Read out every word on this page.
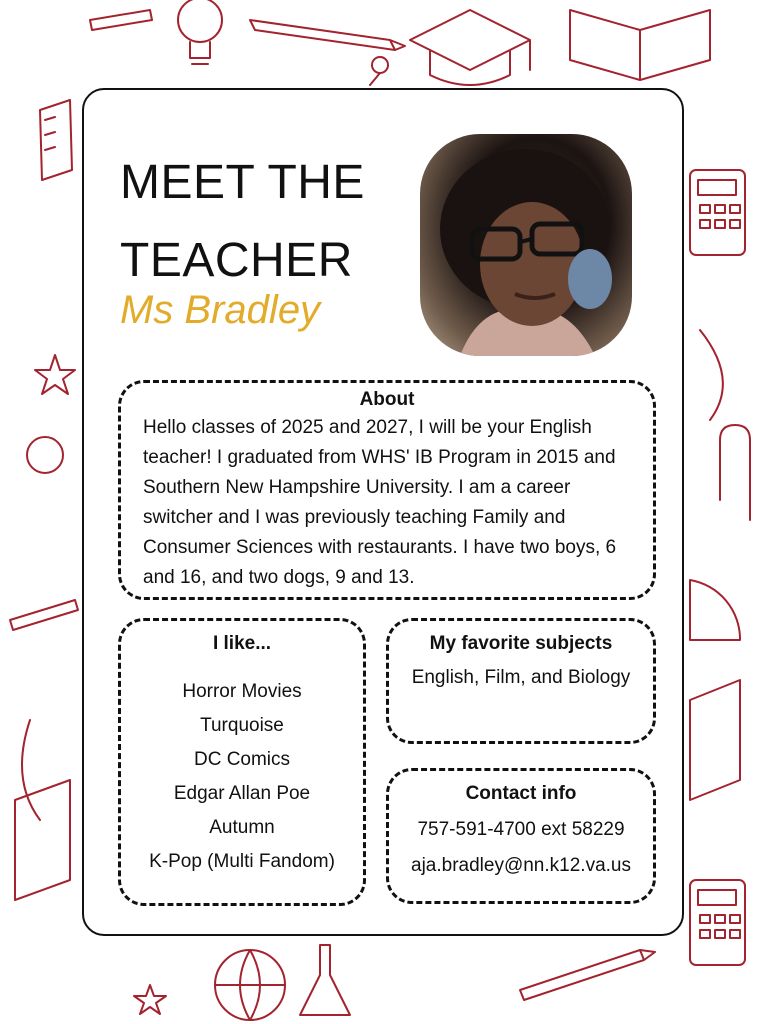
MEET THE
TEACHER
Ms Bradley
About
Hello classes of 2025 and 2027, I will be your English teacher! I graduated from WHS' IB Program in 2015 and Southern New Hampshire University. I am a career switcher and I was previously teaching Family and Consumer Sciences with restaurants. I have two boys, 6 and 16, and two dogs, 9 and 13.
I like...
Horror Movies
Turquoise
DC Comics
Edgar Allan Poe
Autumn
K-Pop (Multi Fandom)
My favorite subjects
English, Film, and Biology
Contact info
757-591-4700 ext 58229
aja.bradley@nn.k12.va.us
